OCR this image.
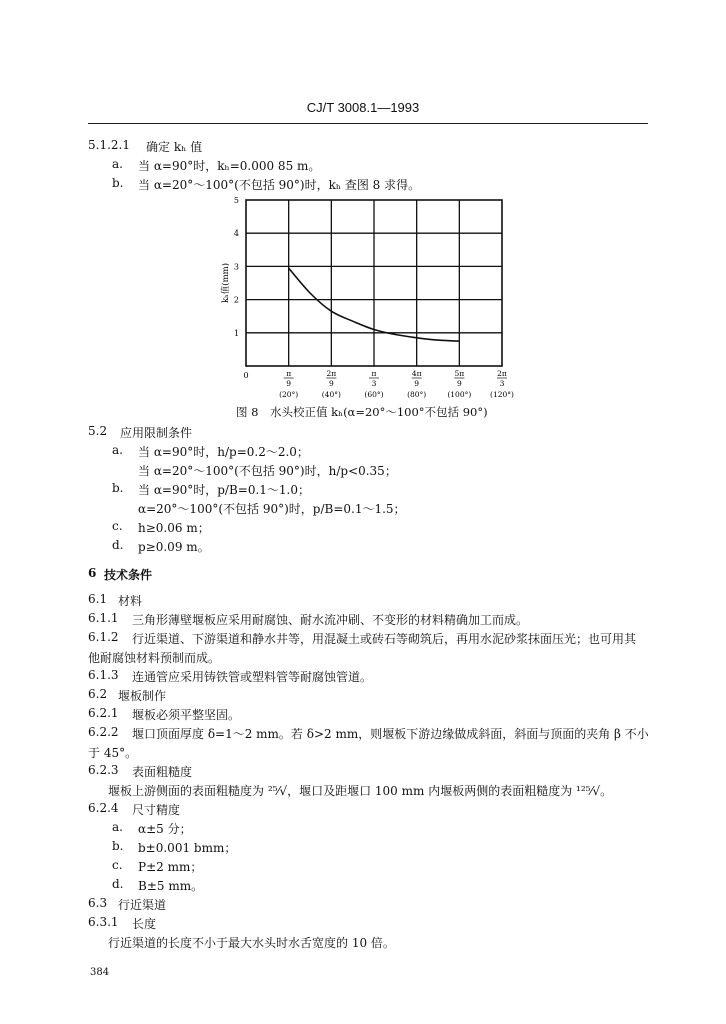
CJ/T 3008.1—1993
5.1.2.1 确定 kₕ 值
a. 当 α=90°时，kₕ=0.000 85 m。
b. 当 α=20°～100°(不包括 90°)时，kₕ 查图 8 求得。
1
2
3
4
5
0	π
9
(20°)
2π
9
(40°)
π
3
(60°)
4π
9
(80°)
5π
9
(100°)
2π
3
(120°)
kₕ值(mm)
图 8　水头校正值 kₕ(α=20°～100°不包括 90°)
5.2 应用限制条件
a. 当 α=90°时，h/p=0.2～2.0；
当 α=20°～100°(不包括 90°)时，h/p<0.35；
b. 当 α=90°时，p/B=0.1～1.0；
α=20°～100°(不包括 90°)时，p/B=0.1～1.5；
c. h≥0.06 m；
d. p≥0.09 m。
6 技术条件
6.1 材料
6.1.1 三角形薄壁堰板应采用耐腐蚀、耐水流冲刷、不变形的材料精确加工而成。
6.1.2 行近渠道、下游渠道和静水井等，用混凝土或砖石等砌筑后，再用水泥砂浆抹面压光；也可用其
他耐腐蚀材料预制而成。
6.1.3 连通管应采用铸铁管或塑料管等耐腐蚀管道。
6.2 堰板制作
6.2.1 堰板必须平整坚固。
6.2.2 堰口顶面厚度 δ=1～2 mm。若 δ>2 mm，则堰板下游边缘做成斜面，斜面与顶面的夹角 β 不小
于 45°。
6.2.3 表面粗糙度
堰板上游侧面的表面粗糙度为 ²⁵⁄√，堰口及距堰口 100 mm 内堰板两侧的表面粗糙度为 ¹²⁵⁄√。
6.2.4 尺寸精度
a. α±5 分；
b. b±0.001 bmm；
c. P±2 mm；
d. B±5 mm。
6.3 行近渠道
6.3.1 长度
行近渠道的长度不小于最大水头时水舌宽度的 10 倍。
384
